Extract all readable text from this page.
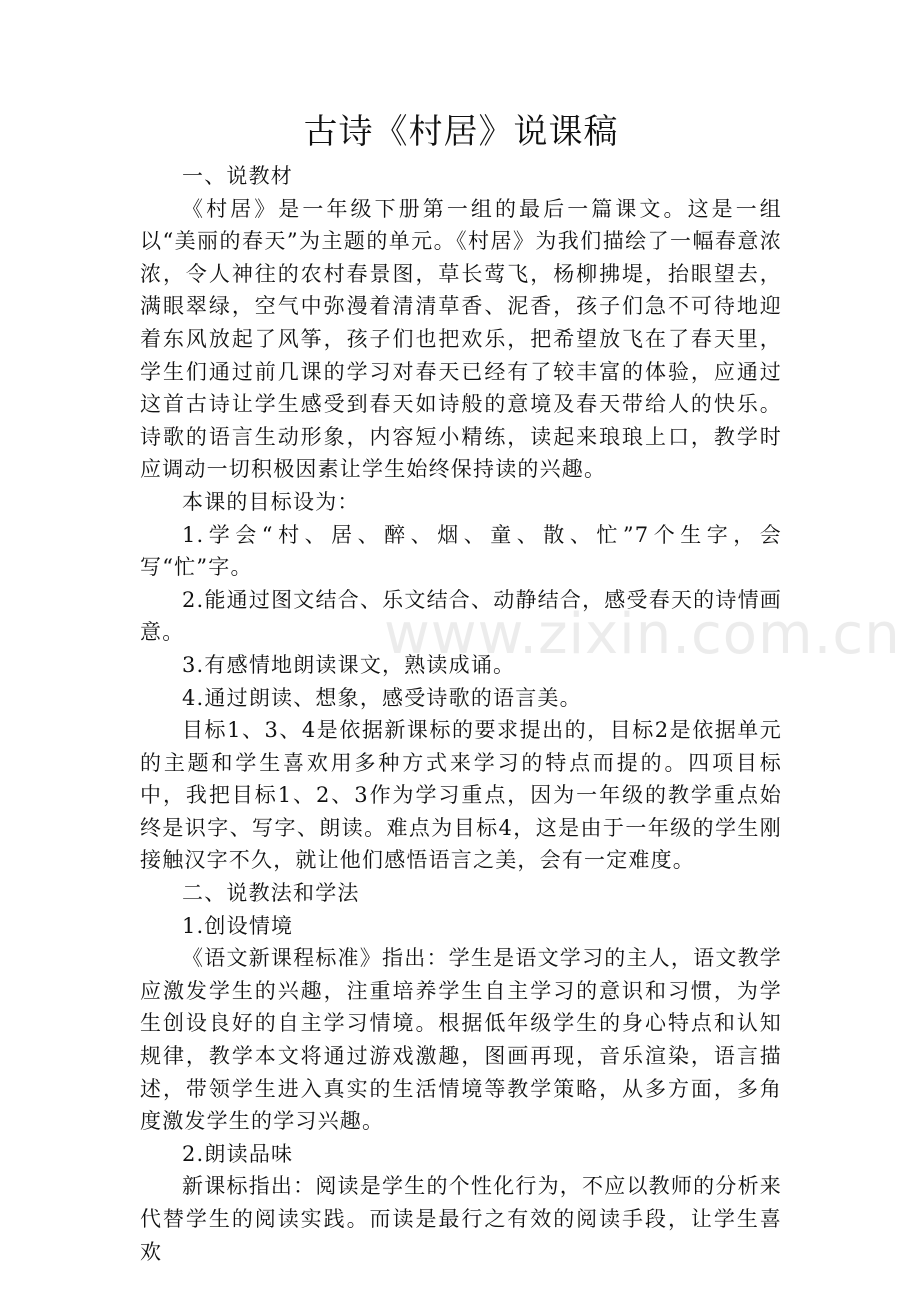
古诗《村居》说课稿

一、说教材

《村居》是一年级下册第一组的最后一篇课文。这是一组以“美丽的春天”为主题的单元。《村居》为我们描绘了一幅春意浓浓，令人神往的农村春景图，草长莺飞，杨柳拂堤，抬眼望去，满眼翠绿，空气中弥漫着清清草香、泥香，孩子们急不可待地迎着东风放起了风筝，孩子们也把欢乐，把希望放飞在了春天里，学生们通过前几课的学习对春天已经有了较丰富的体验，应通过这首古诗让学生感受到春天如诗般的意境及春天带给人的快乐。诗歌的语言生动形象，内容短小精练，读起来琅琅上口，教学时应调动一切积极因素让学生始终保持读的兴趣。

本课的目标设为：

1.学会“村、居、醉、烟、童、散、忙”7个生字，会写“忙”字。

2.能通过图文结合、乐文结合、动静结合，感受春天的诗情画意。

3.有感情地朗读课文，熟读成诵。

4.通过朗读、想象，感受诗歌的语言美。

目标1、3、4是依据新课标的要求提出的，目标2是依据单元的主题和学生喜欢用多种方式来学习的特点而提的。四项目标中，我把目标1、2、3作为学习重点，因为一年级的教学重点始终是识字、写字、朗读。难点为目标4，这是由于一年级的学生刚接触汉字不久，就让他们感悟语言之美，会有一定难度。

二、说教法和学法

1.创设情境

《语文新课程标准》指出：学生是语文学习的主人，语文教学应激发学生的兴趣，注重培养学生自主学习的意识和习惯，为学生创设良好的自主学习情境。根据低年级学生的身心特点和认知规律，教学本文将通过游戏激趣，图画再现，音乐渲染，语言描述，带领学生进入真实的生活情境等教学策略，从多方面，多角度激发学生的学习兴趣。

2.朗读品味

新课标指出：阅读是学生的个性化行为，不应以教师的分析来代替学生的阅读实践。而读是最行之有效的阅读手段，让学生喜欢

www.zixin.com.cn
